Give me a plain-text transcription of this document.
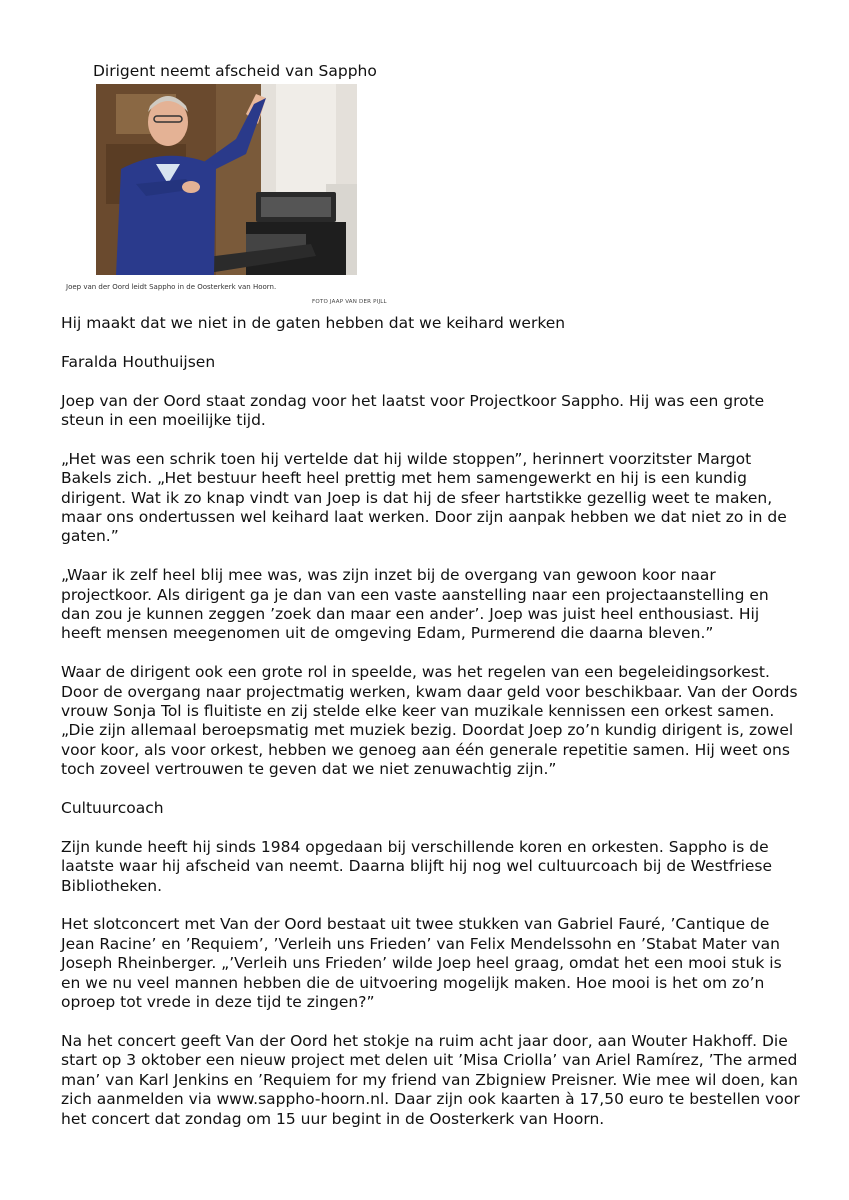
Dirigent neemt afscheid van Sappho
Joep van der Oord leidt Sappho in de Oosterkerk van Hoorn.
FOTO JAAP VAN DER PIJLL

Hij maakt dat we niet in de gaten hebben dat we keihard werken

Faralda Houthuijsen

Joep van der Oord staat zondag voor het laatst voor Projectkoor Sappho. Hij was een grote steun in een moeilijke tijd.

„Het was een schrik toen hij vertelde dat hij wilde stoppen”, herinnert voorzitster Margot Bakels zich. „Het bestuur heeft heel prettig met hem samengewerkt en hij is een kundig dirigent. Wat ik zo knap vindt van Joep is dat hij de sfeer hartstikke gezellig weet te maken, maar ons ondertussen wel keihard laat werken. Door zijn aanpak hebben we dat niet zo in de gaten.”

„Waar ik zelf heel blij mee was, was zijn inzet bij de overgang van gewoon koor naar projectkoor. Als dirigent ga je dan van een vaste aanstelling naar een projectaanstelling en dan zou je kunnen zeggen ’zoek dan maar een ander’. Joep was juist heel enthousiast. Hij heeft mensen meegenomen uit de omgeving Edam, Purmerend die daarna bleven.”

Waar de dirigent ook een grote rol in speelde, was het regelen van een begeleidingsorkest. Door de overgang naar projectmatig werken, kwam daar geld voor beschikbaar. Van der Oords vrouw Sonja Tol is fluitiste en zij stelde elke keer van muzikale kennissen een orkest samen. „Die zijn allemaal beroepsmatig met muziek bezig. Doordat Joep zo’n kundig dirigent is, zowel voor koor, als voor orkest, hebben we genoeg aan één generale repetitie samen. Hij weet ons toch zoveel vertrouwen te geven dat we niet zenuwachtig zijn.”

Cultuurcoach

Zijn kunde heeft hij sinds 1984 opgedaan bij verschillende koren en orkesten. Sappho is de laatste waar hij afscheid van neemt. Daarna blijft hij nog wel cultuurcoach bij de Westfriese Bibliotheken.

Het slotconcert met Van der Oord bestaat uit twee stukken van Gabriel Fauré, ’Cantique de Jean Racine’ en ’Requiem’, ’Verleih uns Frieden’ van Felix Mendelssohn en ’Stabat Mater van Joseph Rheinberger. „’Verleih uns Frieden’ wilde Joep heel graag, omdat het een mooi stuk is en we nu veel mannen hebben die de uitvoering mogelijk maken. Hoe mooi is het om zo’n oproep tot vrede in deze tijd te zingen?”

Na het concert geeft Van der Oord het stokje na ruim acht jaar door, aan Wouter Hakhoff. Die start op 3 oktober een nieuw project met delen uit ’Misa Criolla’ van Ariel Ramírez, ’The armed man’ van Karl Jenkins en ’Requiem for my friend van Zbigniew Preisner. Wie mee wil doen, kan zich aanmelden via www.sappho-hoorn.nl. Daar zijn ook kaarten à 17,50 euro te bestellen voor het concert dat zondag om 15 uur begint in de Oosterkerk van Hoorn.
